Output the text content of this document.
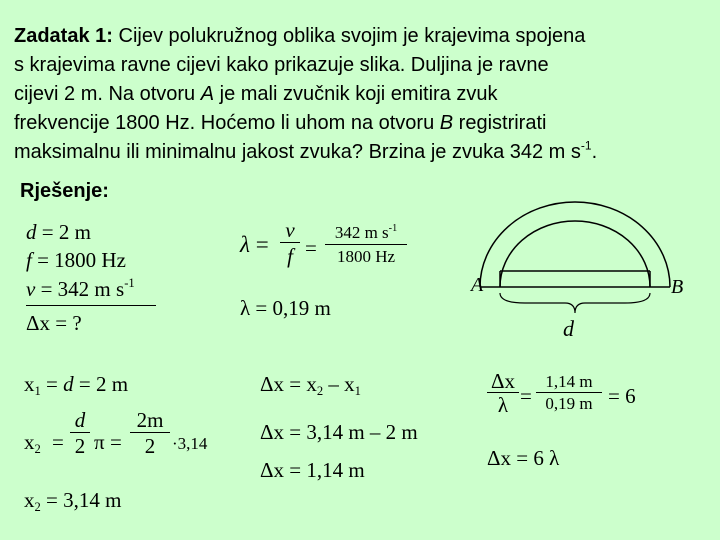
Zadatak 1: Cijev polukružnog oblika svojim je krajevima spojena
s krajevima ravne cijevi kako prikazuje slika. Duljina je ravne
cijevi 2 m. Na otvoru A je mali zvučnik koji emitira zvuk
frekvencije 1800 Hz. Hoćemo li uhom na otvoru B registrirati
maksimalnu ili minimalnu jakost zvuka? Brzina je zvuka 342 m $s^{-1}$.
Rješenje:
d = 2 m
f = 1800 Hz
v = 342 m $s^{-1}$
Δx = ?
$\lambda = \frac{v}{f} = \frac{342 m s^{-1}}{1800 Hz}$
λ = 0,19 m
A	B
d
$x_1 = d = 2$ m
$x_2 = \frac{d}{2}$ $\pi = \frac{2m}{2} \cdot 3,14$
$x_2 = 3,14$ m
$\Delta x = x_2 - x_1$
Δx = 3,14 m – 2 m
Δx = 1,14 m
$\frac{\Delta x}{\lambda} = \frac{1,14 m}{0,19 m} = 6$
Δx = 6 λ
